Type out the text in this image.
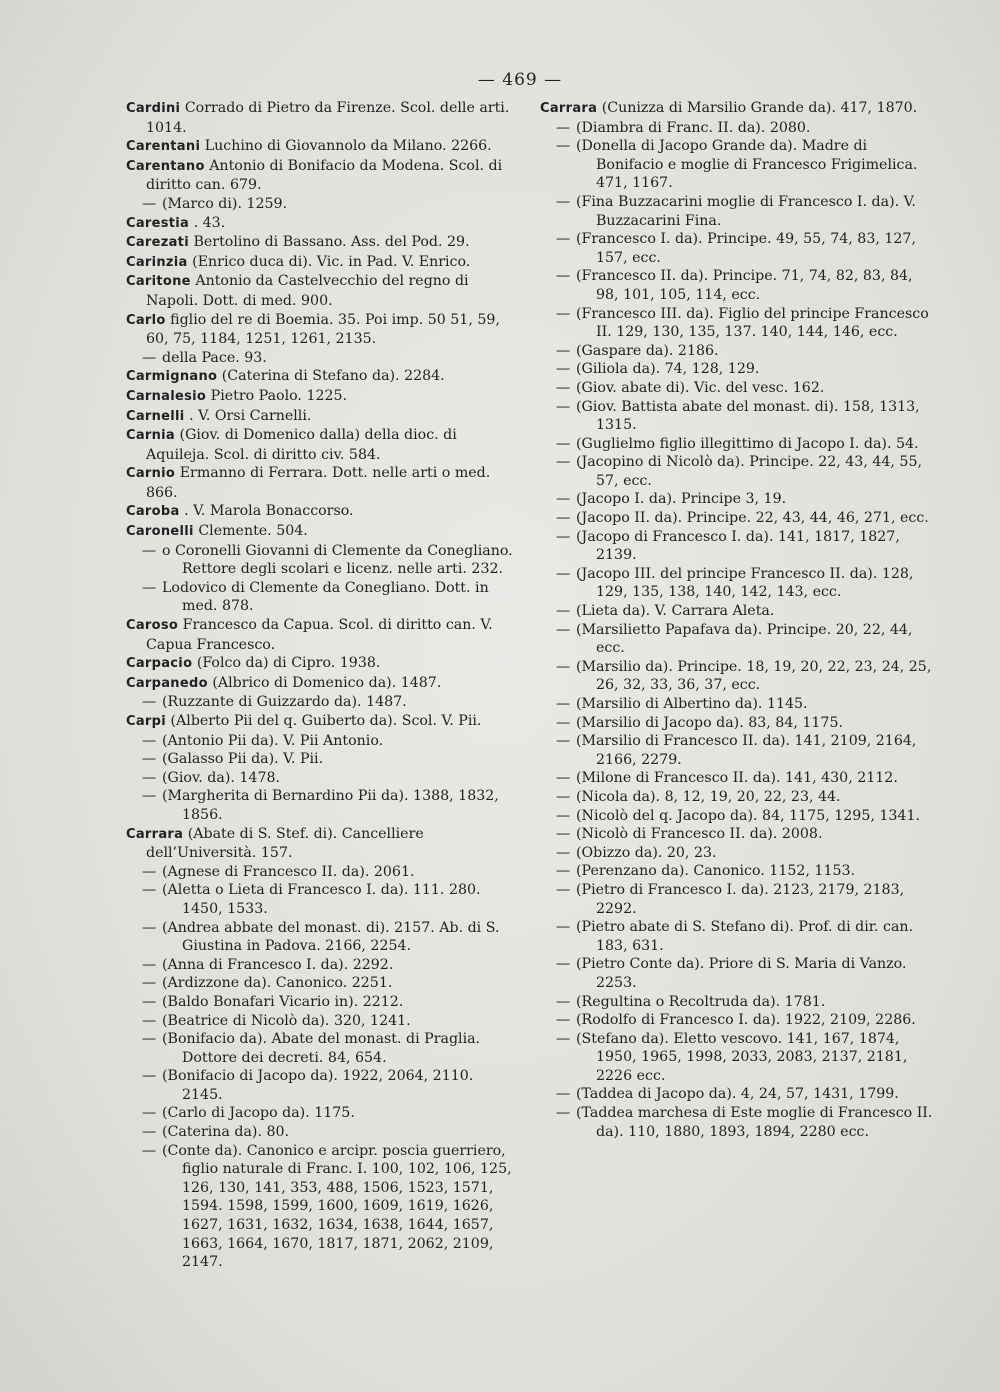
— 469 —
Cardini Corrado di Pietro da Firenze. Scol. delle arti. 1014.
Carentani Luchino di Giovannolo da Milano. 2266.
Carentano Antonio di Bonifacio da Modena. Scol. di diritto can. 679.
(Marco di). 1259.
Carestia . 43.
Carezati Bertolino di Bassano. Ass. del Pod. 29.
Carinzia (Enrico duca di). Vic. in Pad. V. Enrico.
Caritone Antonio da Castelvecchio del regno di Napoli. Dott. di med. 900.
Carlo figlio del re di Boemia. 35. Poi imp. 50 51, 59, 60, 75, 1184, 1251, 1261, 2135.
della Pace. 93.
Carmignano (Caterina di Stefano da). 2284.
Carnalesio Pietro Paolo. 1225.
Carnelli . V. Orsi Carnelli.
Carnia (Giov. di Domenico dalla) della dioc. di Aquileja. Scol. di diritto civ. 584.
Carnio Ermanno di Ferrara. Dott. nelle arti o med. 866.
Caroba . V. Marola Bonaccorso.
Caronelli Clemente. 504.
o Coronelli Giovanni di Clemente da Conegliano. Rettore degli scolari e licenz. nelle arti. 232.
Lodovico di Clemente da Conegliano. Dott. in med. 878.
Caroso Francesco da Capua. Scol. di diritto can. V. Capua Francesco.
Carpacio (Folco da) di Cipro. 1938.
Carpanedo (Albrico di Domenico da). 1487.
(Ruzzante di Guizzardo da). 1487.
Carpi (Alberto Pii del q. Guiberto da). Scol. V. Pii.
(Antonio Pii da). V. Pii Antonio.
(Galasso Pii da). V. Pii.
(Giov. da). 1478.
(Margherita di Bernardino Pii da). 1388, 1832, 1856.
Carrara (Abate di S. Stef. di). Cancelliere dell’Università. 157.
(Agnese di Francesco II. da). 2061.
(Aletta o Lieta di Francesco I. da). 111. 280. 1450, 1533.
(Andrea abbate del monast. di). 2157. Ab. di S. Giustina in Padova. 2166, 2254.
(Anna di Francesco I. da). 2292.
(Ardizzone da). Canonico. 2251.
(Baldo Bonafari Vicario in). 2212.
(Beatrice di Nicolò da). 320, 1241.
(Bonifacio da). Abate del monast. di Praglia. Dottore dei decreti. 84, 654.
(Bonifacio di Jacopo da). 1922, 2064, 2110. 2145.
(Carlo di Jacopo da). 1175.
(Caterina da). 80.
(Conte da). Canonico e arcipr. poscia guerriero, figlio naturale di Franc. I. 100, 102, 106, 125, 126, 130, 141, 353, 488, 1506, 1523, 1571, 1594. 1598, 1599, 1600, 1609, 1619, 1626, 1627, 1631, 1632, 1634, 1638, 1644, 1657, 1663, 1664, 1670, 1817, 1871, 2062, 2109, 2147.
Carrara (Cunizza di Marsilio Grande da). 417, 1870.
(Diambra di Franc. II. da). 2080.
(Donella di Jacopo Grande da). Madre di Bonifacio e moglie di Francesco Frigimelica. 471, 1167.
(Fina Buzzacarini moglie di Francesco I. da). V. Buzzacarini Fina.
(Francesco I. da). Principe. 49, 55, 74, 83, 127, 157, ecc.
(Francesco II. da). Principe. 71, 74, 82, 83, 84, 98, 101, 105, 114, ecc.
(Francesco III. da). Figlio del principe Francesco II. 129, 130, 135, 137. 140, 144, 146, ecc.
(Gaspare da). 2186.
(Giliola da). 74, 128, 129.
(Giov. abate di). Vic. del vesc. 162.
(Giov. Battista abate del monast. di). 158, 1313, 1315.
(Guglielmo figlio illegittimo di Jacopo I. da). 54.
(Jacopino di Nicolò da). Principe. 22, 43, 44, 55, 57, ecc.
(Jacopo I. da). Principe 3, 19.
(Jacopo II. da). Principe. 22, 43, 44, 46, 271, ecc.
(Jacopo di Francesco I. da). 141, 1817, 1827, 2139.
(Jacopo III. del principe Francesco II. da). 128, 129, 135, 138, 140, 142, 143, ecc.
(Lieta da). V. Carrara Aleta.
(Marsilietto Papafava da). Principe. 20, 22, 44, ecc.
(Marsilio da). Principe. 18, 19, 20, 22, 23, 24, 25, 26, 32, 33, 36, 37, ecc.
(Marsilio di Albertino da). 1145.
(Marsilio di Jacopo da). 83, 84, 1175.
(Marsilio di Francesco II. da). 141, 2109, 2164, 2166, 2279.
(Milone di Francesco II. da). 141, 430, 2112.
(Nicola da). 8, 12, 19, 20, 22, 23, 44.
(Nicolò del q. Jacopo da). 84, 1175, 1295, 1341.
(Nicolò di Francesco II. da). 2008.
(Obizzo da). 20, 23.
(Perenzano da). Canonico. 1152, 1153.
(Pietro di Francesco I. da). 2123, 2179, 2183, 2292.
(Pietro abate di S. Stefano di). Prof. di dir. can. 183, 631.
(Pietro Conte da). Priore di S. Maria di Vanzo. 2253.
(Regultina o Recoltruda da). 1781.
(Rodolfo di Francesco I. da). 1922, 2109, 2286.
(Stefano da). Eletto vescovo. 141, 167, 1874, 1950, 1965, 1998, 2033, 2083, 2137, 2181, 2226 ecc.
(Taddea di Jacopo da). 4, 24, 57, 1431, 1799.
(Taddea marchesa di Este moglie di Francesco II. da). 110, 1880, 1893, 1894, 2280 ecc.
